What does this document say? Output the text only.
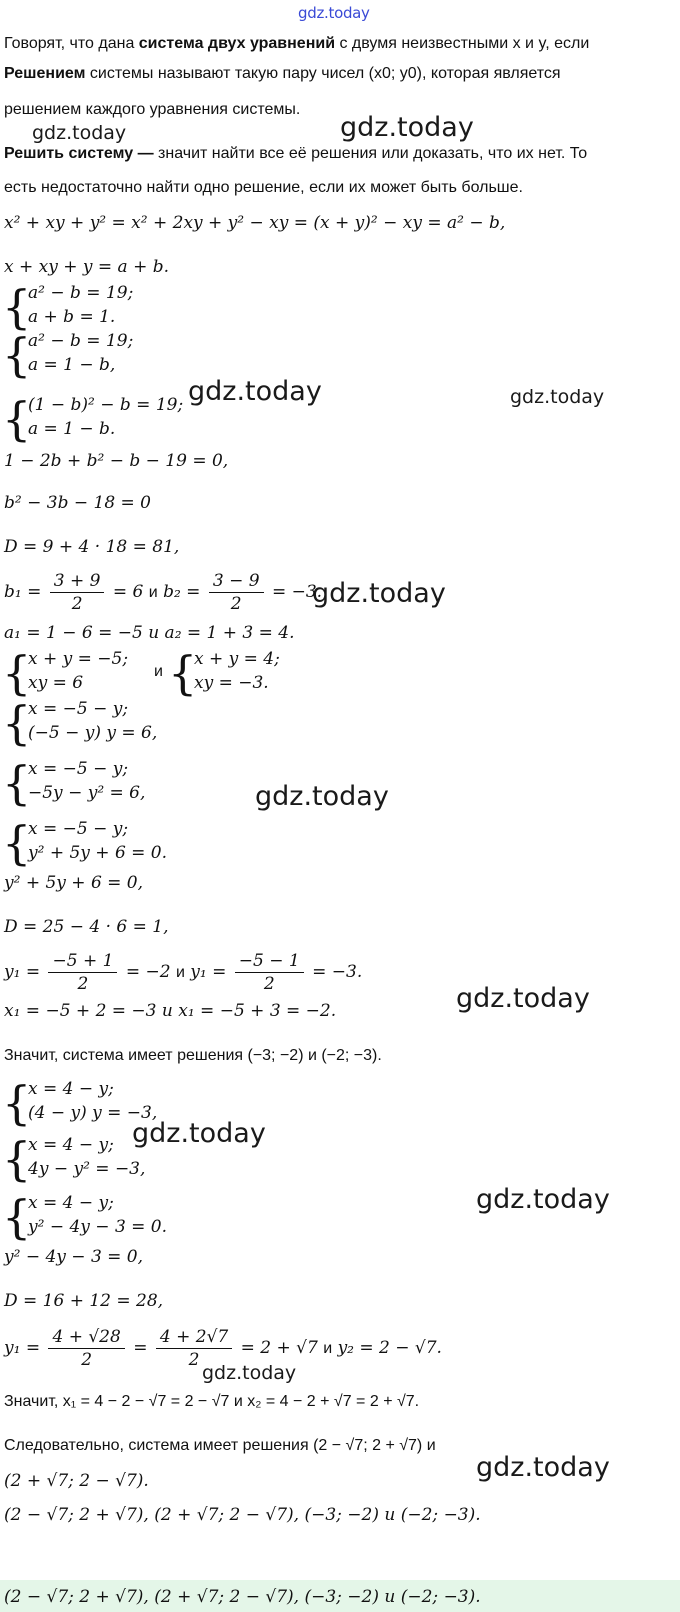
gdz.today
gdz.today	gdz.today
gdz.today	gdz.today
gdz.today
gdz.today
gdz.today
gdz.today
gdz.today
gdz.today
gdz.today
Говорят, что дана система двух уравнений с двумя неизвестными x и y, если
Решением системы называют такую пару чисел (x0; y0), которая является
решением каждого уравнения системы.
Решить систему — значит найти все её решения или доказать, что их нет. То
есть недостаточно найти одно решение, если их может быть больше.
x² + xy + y² = x² + 2xy + y² − xy = (x + y)² − xy = a² − b,
x + xy + y = a + b.
{
a² − b = 19;
a + b = 1.
{
a² − b = 19;
a = 1 − b,
{
(1 − b)² − b = 19;
a = 1 − b.
1 − 2b + b² − b − 19 = 0,
b² − 3b − 18 = 0
D = 9 + 4 · 18 = 81,
$b_1 = \frac{3 + 9}{2} = 6$ и $b_2 = \frac{3 - 9}{2} = -3$.
a₁ = 1 − 6 = −5 и a₂ = 1 + 3 = 4.
{
x + y = −5;
xy = 6
и {
x + y = 4;
xy = −3.
{
x = −5 − y;
(−5 − y) y = 6,
{
x = −5 − y;
−5y − y² = 6,
{
x = −5 − y;
y² + 5y + 6 = 0.
y² + 5y + 6 = 0,
D = 25 − 4 · 6 = 1,
$y_1 = \frac{-5 + 1}{2} = -2$ и $y_1 = \frac{-5 - 1}{2} = -3$.
x₁ = −5 + 2 = −3 и x₁ = −5 + 3 = −2.
Значит, система имеет решения (−3; −2) и (−2; −3).
{
x = 4 − y;
(4 − y) y = −3,
{
x = 4 − y;
4y − y² = −3,
{
x = 4 − y;
y² − 4y − 3 = 0.
y² − 4y − 3 = 0,
D = 16 + 12 = 28,
$y_1 = \frac{4 + √28}{2} = \frac{4 + 2√7}{2} = 2 + √7$ и y₂ = 2 − √7.
Значит, x₁ = 4 − 2 − √7 = 2 − √7 и x₂ = 4 − 2 + √7 = 2 + √7.
Следовательно, система имеет решения (2 − √7; 2 + √7) и
(2 + √7; 2 − √7).
(2 − √7; 2 + √7), (2 + √7; 2 − √7), (−3; −2) и (−2; −3).
(2 − √7; 2 + √7), (2 + √7; 2 − √7), (−3; −2) и (−2; −3).
